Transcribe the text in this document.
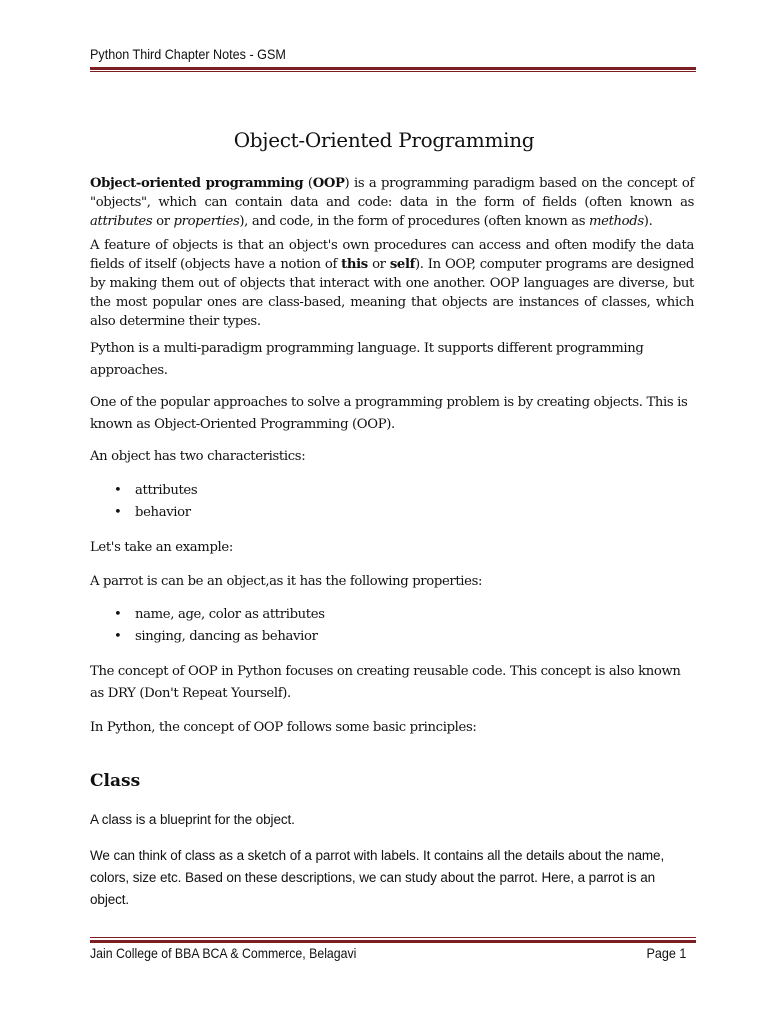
Python Third Chapter Notes - GSM
Object-Oriented Programming
Object-oriented programming (OOP) is a programming paradigm based on the concept of "objects", which can contain data and code: data in the form of fields (often known as attributes or properties), and code, in the form of procedures (often known as methods).
A feature of objects is that an object's own procedures can access and often modify the data fields of itself (objects have a notion of this or self). In OOP, computer programs are designed by making them out of objects that interact with one another. OOP languages are diverse, but the most popular ones are class-based, meaning that objects are instances of classes, which also determine their types.
Python is a multi-paradigm programming language. It supports different programming approaches.
One of the popular approaches to solve a programming problem is by creating objects. This is known as Object-Oriented Programming (OOP).
An object has two characteristics:
• attributes
• behavior
Let's take an example:
A parrot is can be an object,as it has the following properties:
• name, age, color as attributes
• singing, dancing as behavior
The concept of OOP in Python focuses on creating reusable code. This concept is also known as DRY (Don't Repeat Yourself).
In Python, the concept of OOP follows some basic principles:
Class
A class is a blueprint for the object.
We can think of class as a sketch of a parrot with labels. It contains all the details about the name, colors, size etc. Based on these descriptions, we can study about the parrot. Here, a parrot is an object.
Jain College of BBA BCA & Commerce, Belagavi	Page 1
